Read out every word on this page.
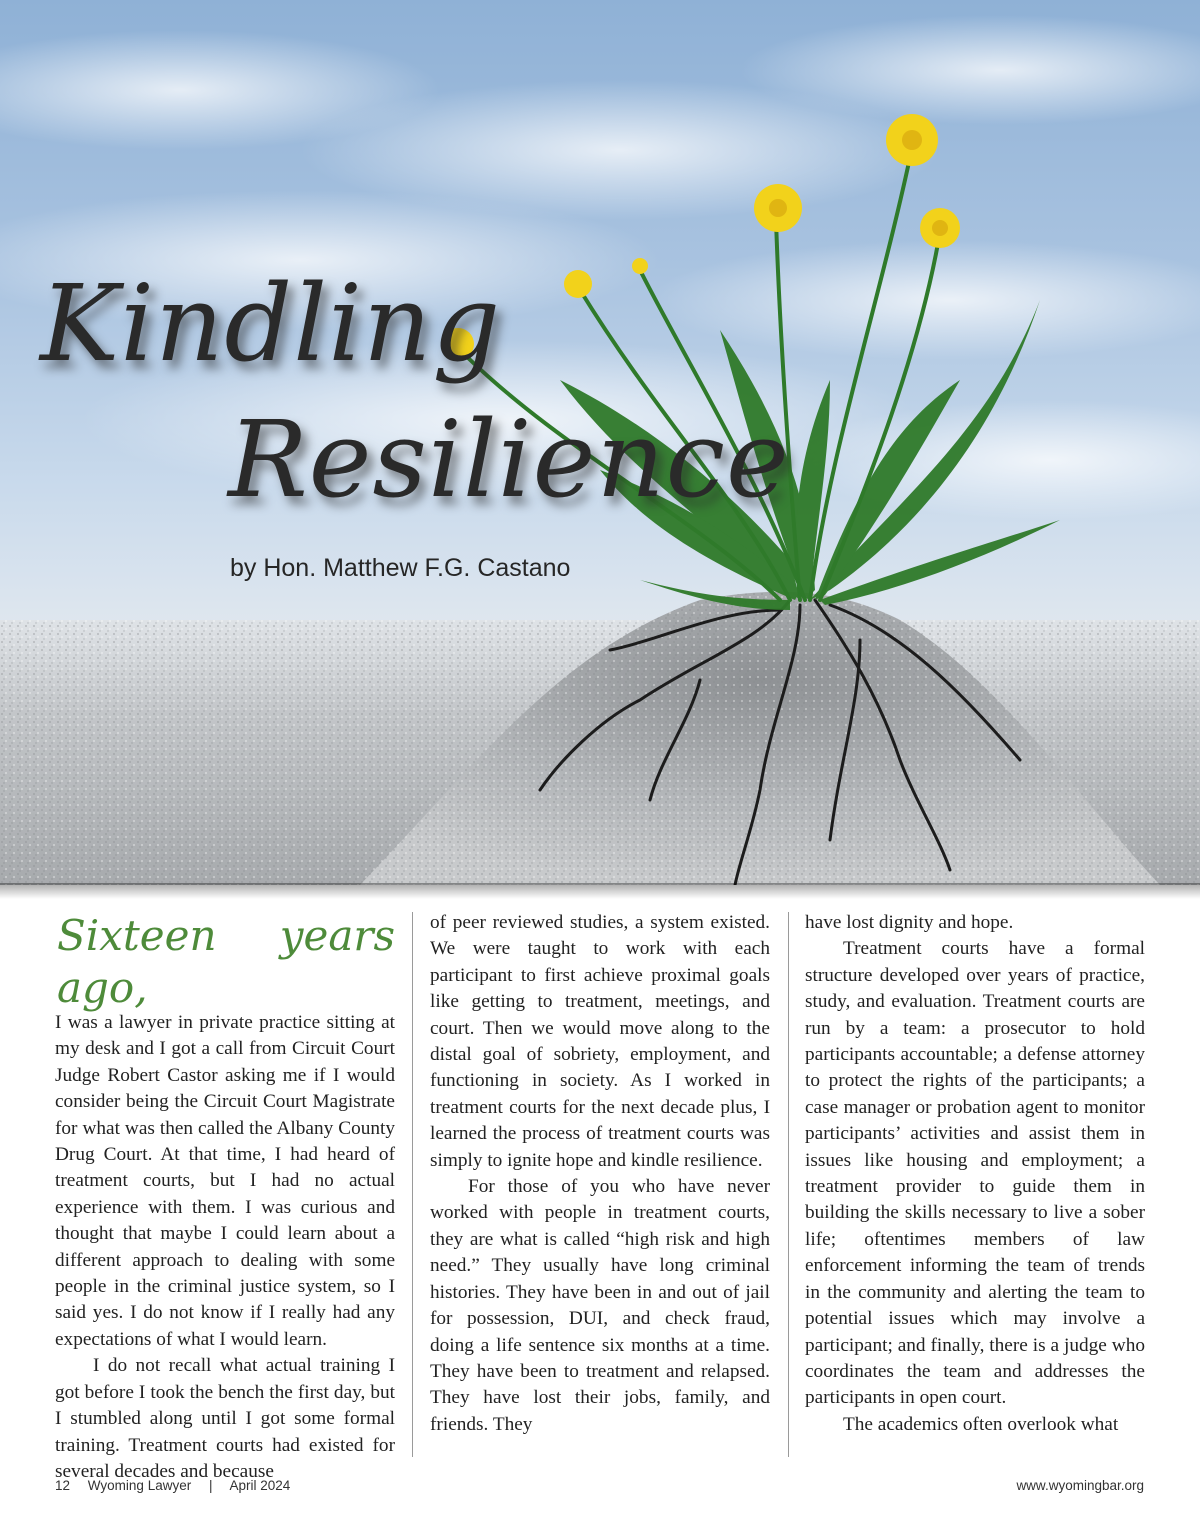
Kindling
Resilience
by Hon. Matthew F.G. Castano
Sixteen years ago,

I was a lawyer in private practice sitting at my desk and I got a call from Circuit Court Judge Robert Castor asking me if I would consider being the Circuit Court Magistrate for what was then called the Albany County Drug Court. At that time, I had heard of treatment courts, but I had no actual experience with them. I was curious and thought that maybe I could learn about a different approach to dealing with some people in the criminal justice system, so I said yes. I do not know if I really had any expectations of what I would learn.

I do not recall what actual training I got before I took the bench the first day, but I stumbled along until I got some formal training. Treatment courts had existed for several decades and because

of peer reviewed studies, a system existed. We were taught to work with each participant to first achieve proximal goals like getting to treatment, meetings, and court. Then we would move along to the distal goal of sobriety, employment, and functioning in society. As I worked in treatment courts for the next decade plus, I learned the process of treatment courts was simply to ignite hope and kindle resilience.

For those of you who have never worked with people in treatment courts, they are what is called “high risk and high need.” They usually have long criminal histories. They have been in and out of jail for possession, DUI, and check fraud, doing a life sentence six months at a time. They have been to treatment and relapsed. They have lost their jobs, family, and friends. They

have lost dignity and hope.

Treatment courts have a formal structure developed over years of practice, study, and evaluation. Treatment courts are run by a team: a prosecutor to hold participants accountable; a defense attorney to protect the rights of the participants; a case manager or probation agent to monitor participants’ activities and assist them in issues like housing and employment; a treatment provider to guide them in building the skills necessary to live a sober life; oftentimes members of law enforcement informing the team of trends in the community and alerting the team to potential issues which may involve a participant; and finally, there is a judge who coordinates the team and addresses the participants in open court.

The academics often overlook what

12 Wyoming Lawyer | April 2024	www.wyomingbar.org
